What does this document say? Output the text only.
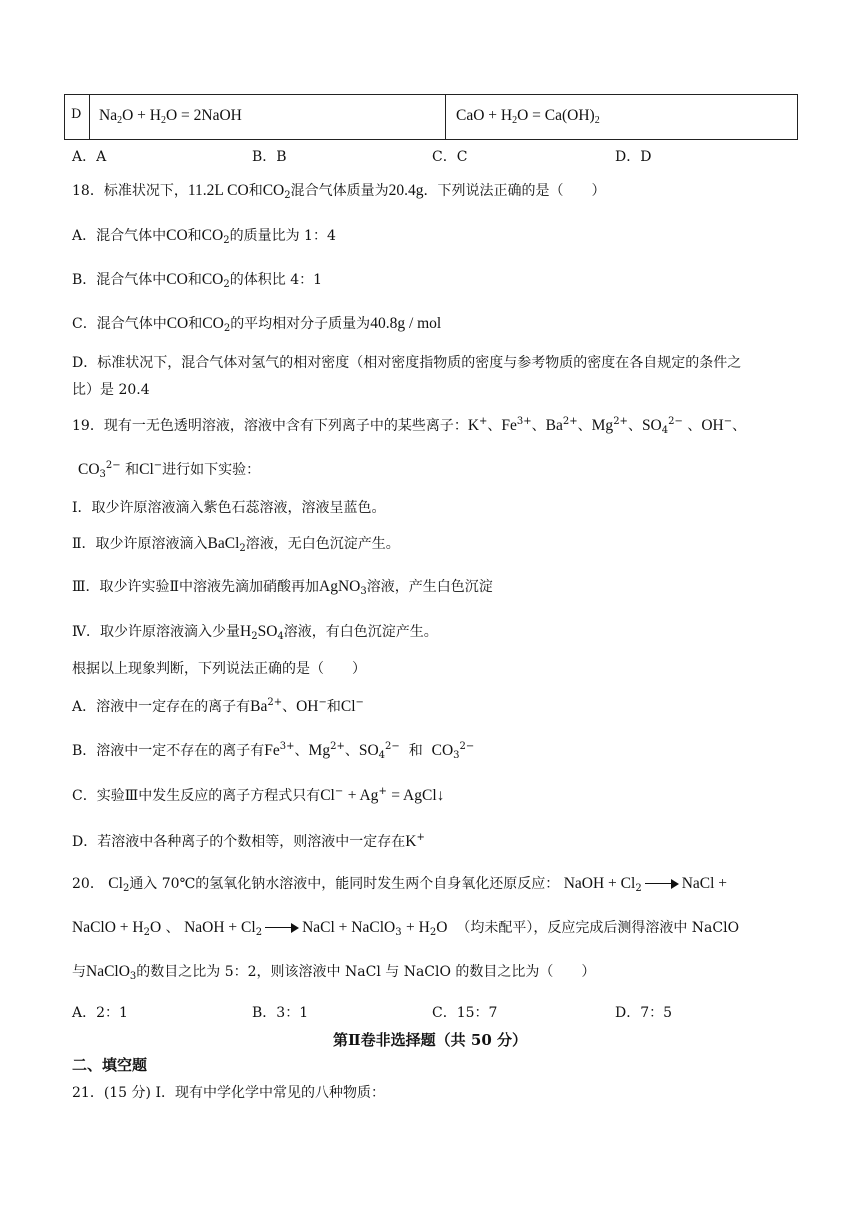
D $Na_2O + H_2O$ = 2NaOH	CaO + $H_2O = Ca(OH)_2$
A．A	B．B	C．C	D．D
18．标准状况下，11.2L CO和$CO_2$混合气体质量为20.4g．下列说法正确的是（　　）
A．混合气体中CO和$CO_2$的质量比为 1：4
B．混合气体中CO和$CO_2$的体积比 4：1
C．混合气体中CO和$CO_2$的平均相对分子质量为40.8g / mol
D．标准状况下，混合气体对氢气的相对密度（相对密度指物质的密度与参考物质的密度在各自规定的条件之
比）是 20.4
19．现有一无色透明溶液，溶液中含有下列离子中的某些离子：K+、$Fe^{3+}$、$Ba^{2+}$、$Mg^{2+}$、$SO_4^{2-}$ 、OH−、
$CO_3^{2-}$ 和Cl−进行如下实验：
Ⅰ．取少许原溶液滴入紫色石蕊溶液，溶液呈蓝色。
Ⅱ．取少许原溶液滴入BaCl$_2$溶液，无白色沉淀产生。
Ⅲ．取少许实验Ⅱ中溶液先滴加硝酸再加AgNO$_3$溶液，产生白色沉淀
Ⅳ．取少许原溶液滴入少量$H_2SO_4$溶液，有白色沉淀产生。
根据以上现象判断，下列说法正确的是（　　）
A．溶液中一定存在的离子有$Ba^{2+}$、OH−和Cl−
B．溶液中一定不存在的离子有$Fe^{3+}$、$Mg^{2+}$、$SO_4^{2-}$ 和 $CO_3^{2-}$
C．实验Ⅲ中发生反应的离子方程式只有Cl− + Ag+ = AgCl↓
D．若溶液中各种离子的个数相等，则溶液中一定存在K+
20． $Cl_2$通入 70℃的氢氧化钠水溶液中，能同时发生两个自身氧化还原反应： NaOH + $Cl_2$	NaCl +
NaClO + $H_2O$ 、 NaOH + $Cl_2$	NaCl + NaClO$_3$ + $H_2O$ （均未配平），反应完成后测得溶液中 NaClO
与NaClO$_3$的数目之比为 5：2，则该溶液中 NaCl 与 NaClO 的数目之比为（　　）
A．2：1	B．3：1	C．15：7	D．7：5
第Ⅱ卷非选择题（共 50 分）
二、填空题
21．(15 分) Ⅰ．现有中学化学中常见的八种物质：
